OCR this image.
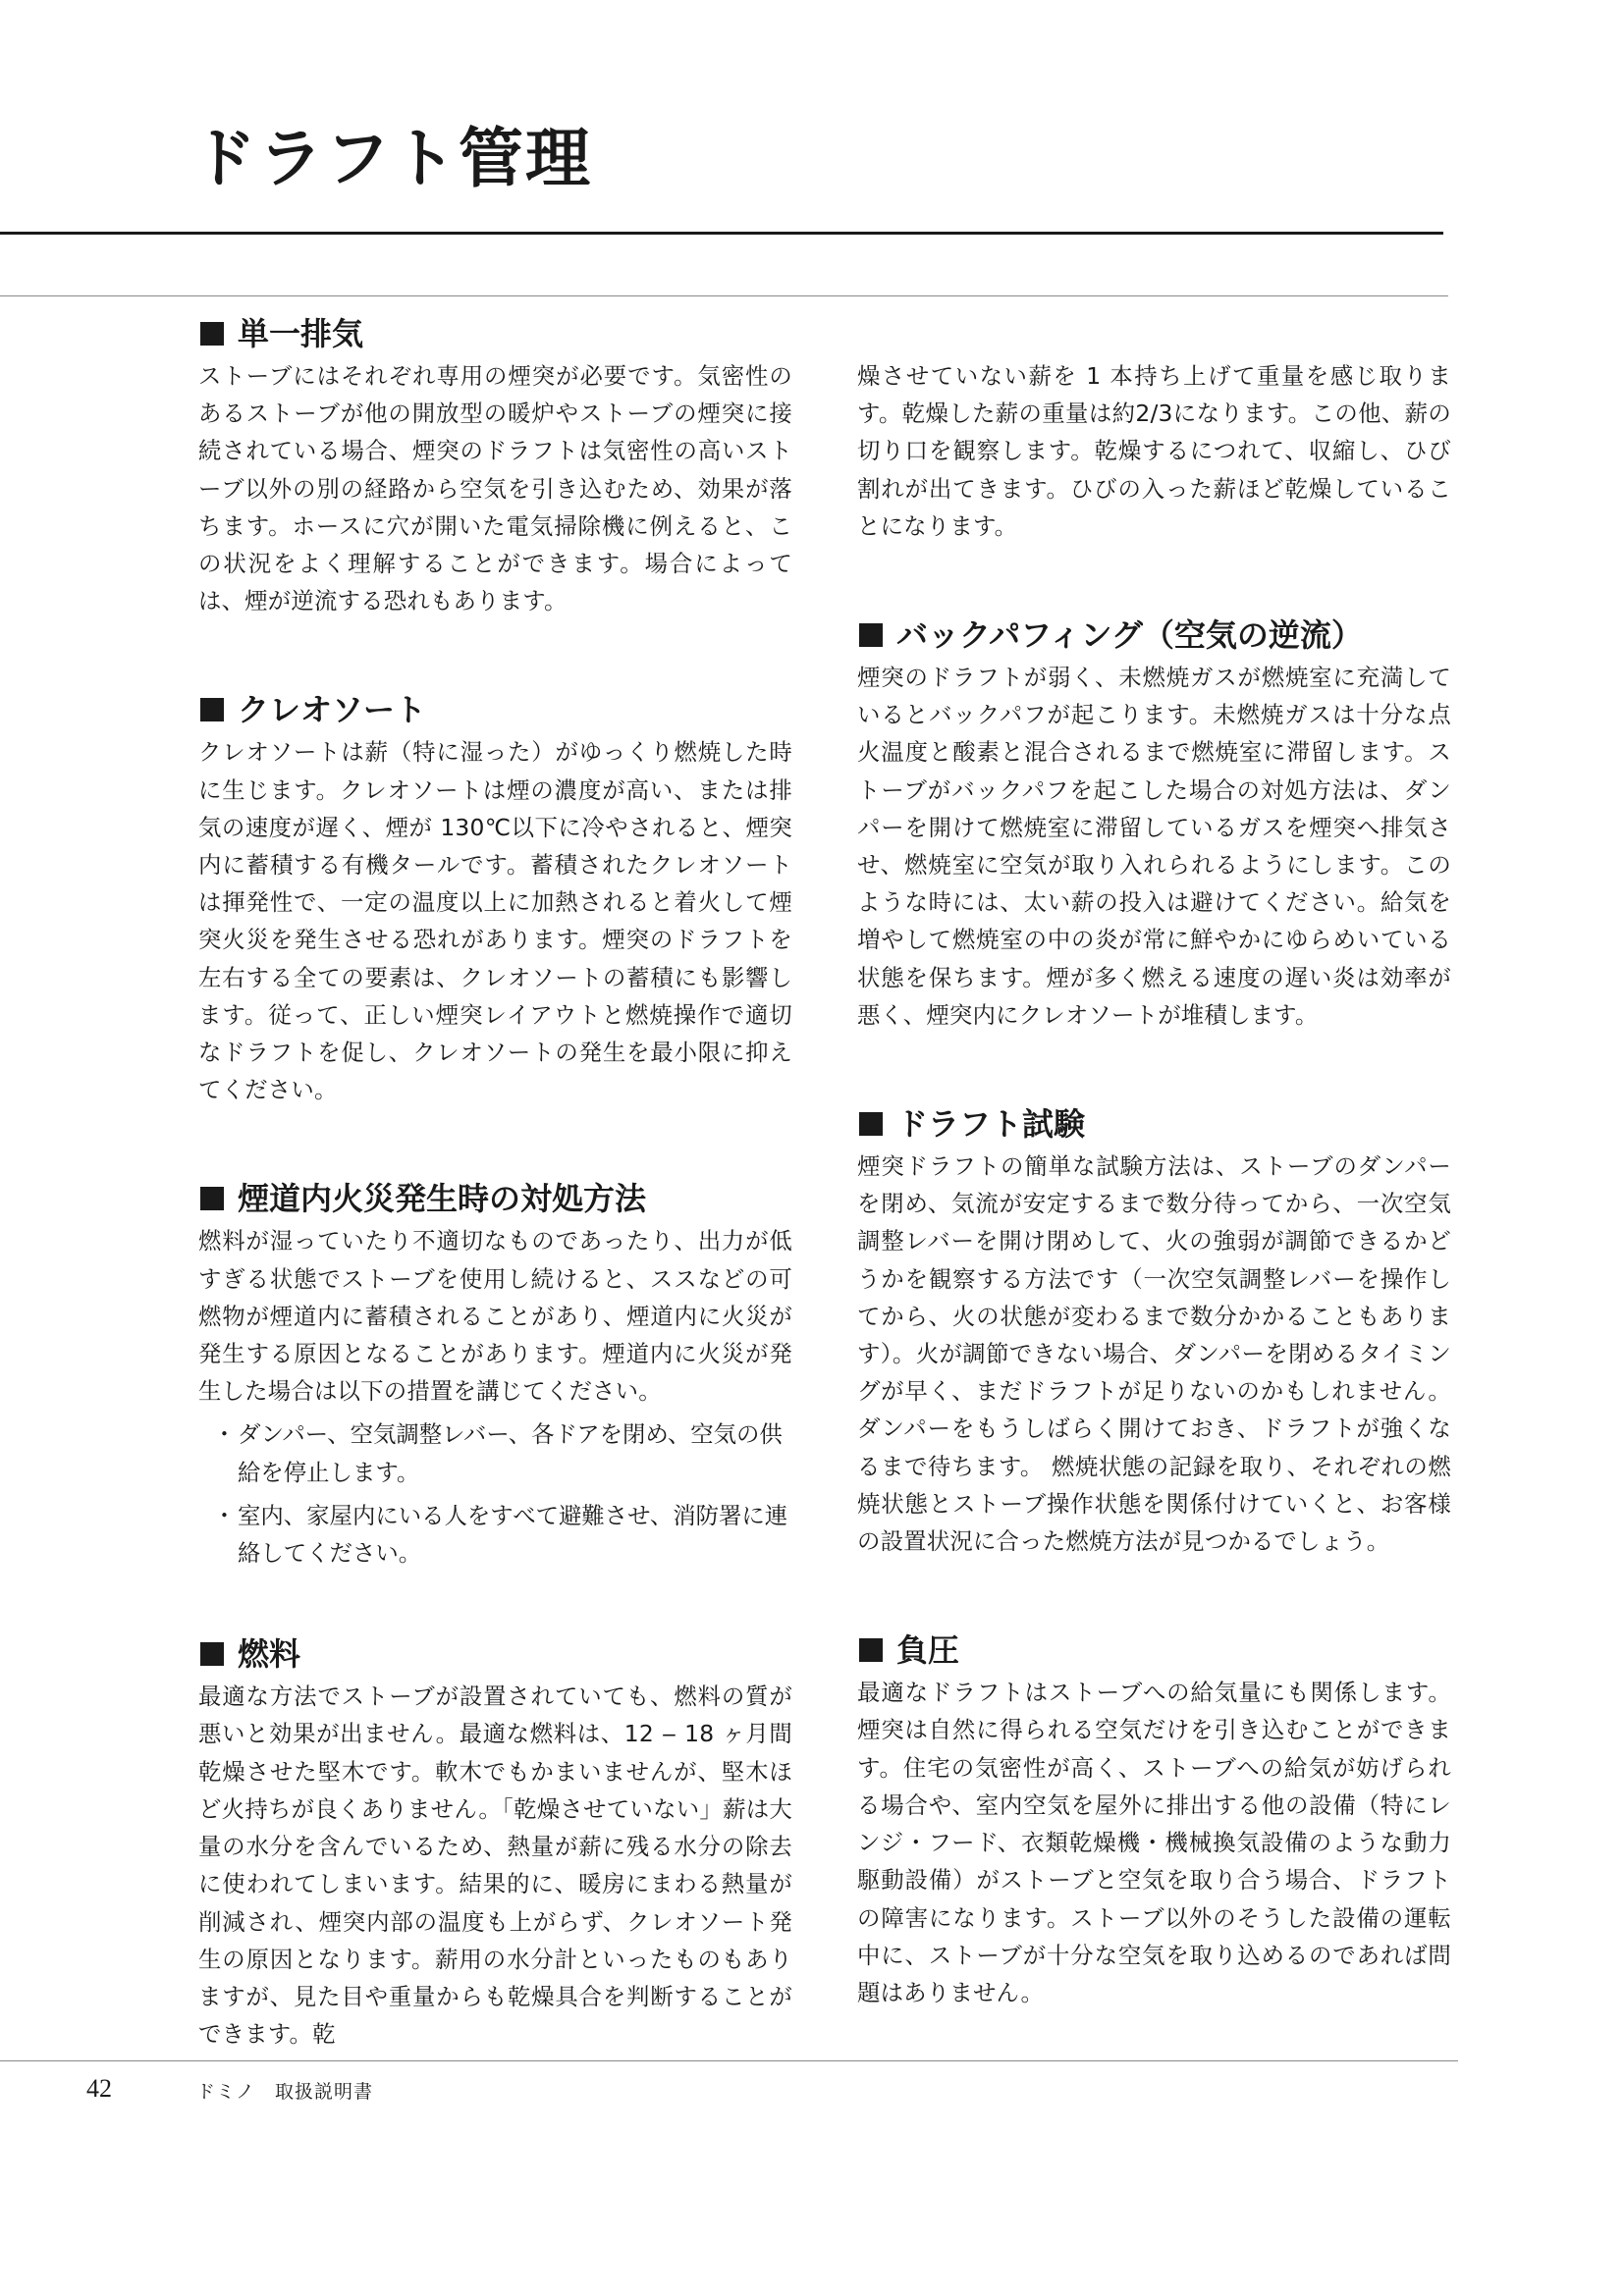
ドラフト管理
単一排気

ストーブにはそれぞれ専用の煙突が必要です。気密性のあるストーブが他の開放型の暖炉やストーブの煙突に接続されている場合、煙突のドラフトは気密性の高いストーブ以外の別の経路から空気を引き込むため、効果が落ちます。ホースに穴が開いた電気掃除機に例えると、この状況をよく理解することができます。場合によっては、煙が逆流する恐れもあります。

クレオソート

クレオソートは薪（特に湿った）がゆっくり燃焼した時に生じます。クレオソートは煙の濃度が高い、または排気の速度が遅く、煙が 130℃以下に冷やされると、煙突内に蓄積する有機タールです。蓄積されたクレオソートは揮発性で、一定の温度以上に加熱されると着火して煙突火災を発生させる恐れがあります。煙突のドラフトを左右する全ての要素は、クレオソートの蓄積にも影響します。従って、正しい煙突レイアウトと燃焼操作で適切なドラフトを促し、クレオソートの発生を最小限に抑えてください。

煙道内火災発生時の対処方法

燃料が湿っていたり不適切なものであったり、出力が低すぎる状態でストーブを使用し続けると、ススなどの可燃物が煙道内に蓄積されることがあり、煙道内に火災が発生する原因となることがあります。煙道内に火災が発生した場合は以下の措置を講じてください。

・ダンパー、空気調整レバー、各ドアを閉め、空気の供給を停止します。
・室内、家屋内にいる人をすべて避難させ、消防署に連絡してください。
燃料

最適な方法でストーブが設置されていても、燃料の質が悪いと効果が出ません。最適な燃料は、12 ‒ 18 ヶ月間乾燥させた堅木です。軟木でもかまいませんが、堅木ほど火持ちが良くありません。「乾燥させていない」薪は大量の水分を含んでいるため、熱量が薪に残る水分の除去に使われてしまいます。結果的に、暖房にまわる熱量が削減され、煙突内部の温度も上がらず、クレオソート発生の原因となります。薪用の水分計といったものもありますが、見た目や重量からも乾燥具合を判断することができます。乾

燥させていない薪を 1 本持ち上げて重量を感じ取ります。乾燥した薪の重量は約2/3になります。この他、薪の切り口を観察します。乾燥するにつれて、収縮し、ひび割れが出てきます。ひびの入った薪ほど乾燥していることになります。

バックパフィング（空気の逆流）

煙突のドラフトが弱く、未燃焼ガスが燃焼室に充満しているとバックパフが起こります。未燃焼ガスは十分な点火温度と酸素と混合されるまで燃焼室に滞留します。ストーブがバックパフを起こした場合の対処方法は、ダンパーを開けて燃焼室に滞留しているガスを煙突へ排気させ、燃焼室に空気が取り入れられるようにします。このような時には、太い薪の投入は避けてください。給気を増やして燃焼室の中の炎が常に鮮やかにゆらめいている状態を保ちます。煙が多く燃える速度の遅い炎は効率が悪く、煙突内にクレオソートが堆積します。

ドラフト試験

煙突ドラフトの簡単な試験方法は、ストーブのダンパーを閉め、気流が安定するまで数分待ってから、一次空気調整レバーを開け閉めして、火の強弱が調節できるかどうかを観察する方法です（一次空気調整レバーを操作してから、火の状態が変わるまで数分かかることもあります）。火が調節できない場合、ダンパーを閉めるタイミングが早く、まだドラフトが足りないのかもしれません。ダンパーをもうしばらく開けておき、ドラフトが強くなるまで待ちます。 燃焼状態の記録を取り、それぞれの燃焼状態とストーブ操作状態を関係付けていくと、お客様の設置状況に合った燃焼方法が見つかるでしょう。

負圧

最適なドラフトはストーブへの給気量にも関係します。煙突は自然に得られる空気だけを引き込むことができます。住宅の気密性が高く、ストーブへの給気が妨げられる場合や、室内空気を屋外に排出する他の設備（特にレンジ・フード、衣類乾燥機・機械換気設備のような動力駆動設備）がストーブと空気を取り合う場合、ドラフトの障害になります。ストーブ以外のそうした設備の運転中に、ストーブが十分な空気を取り込めるのであれば問題はありません。

42	ドミノ　取扱説明書
